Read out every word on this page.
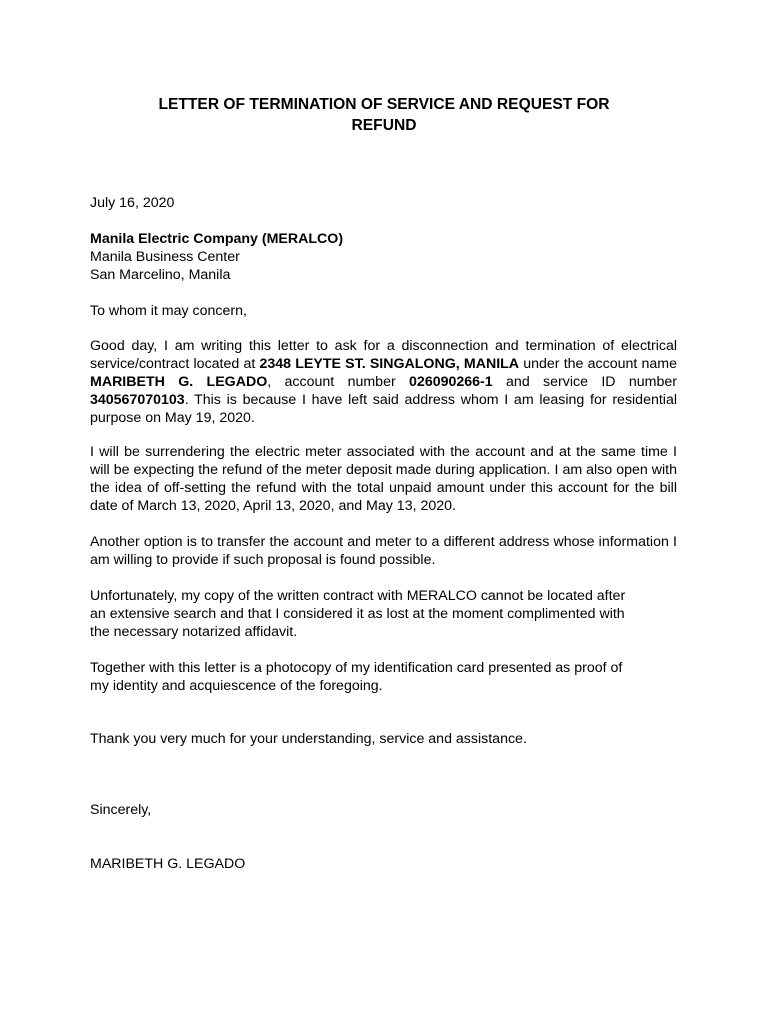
LETTER OF TERMINATION OF SERVICE AND REQUEST FOR
REFUND
July 16, 2020
Manila Electric Company (MERALCO)
Manila Business Center
San Marcelino, Manila
To whom it may concern,

Good day, I am writing this letter to ask for a disconnection and termination of electrical service/contract located at 2348 LEYTE ST. SINGALONG, MANILA under the account name MARIBETH G. LEGADO, account number 026090266-1 and service ID number 340567070103. This is because I have left said address whom I am leasing for residential purpose on May 19, 2020.

I will be surrendering the electric meter associated with the account and at the same time I will be expecting the refund of the meter deposit made during application. I am also open with the idea of off-setting the refund with the total unpaid amount under this account for the bill date of March 13, 2020, April 13, 2020, and May 13, 2020.

Another option is to transfer the account and meter to a different address whose information I am willing to provide if such proposal is found possible.

Unfortunately, my copy of the written contract with MERALCO cannot be located after
an extensive search and that I considered it as lost at the moment complimented with
the necessary notarized affidavit.
Together with this letter is a photocopy of my identification card presented as proof of
my identity and acquiescence of the foregoing.
Thank you very much for your understanding, service and assistance.
Sincerely,
MARIBETH G. LEGADO
